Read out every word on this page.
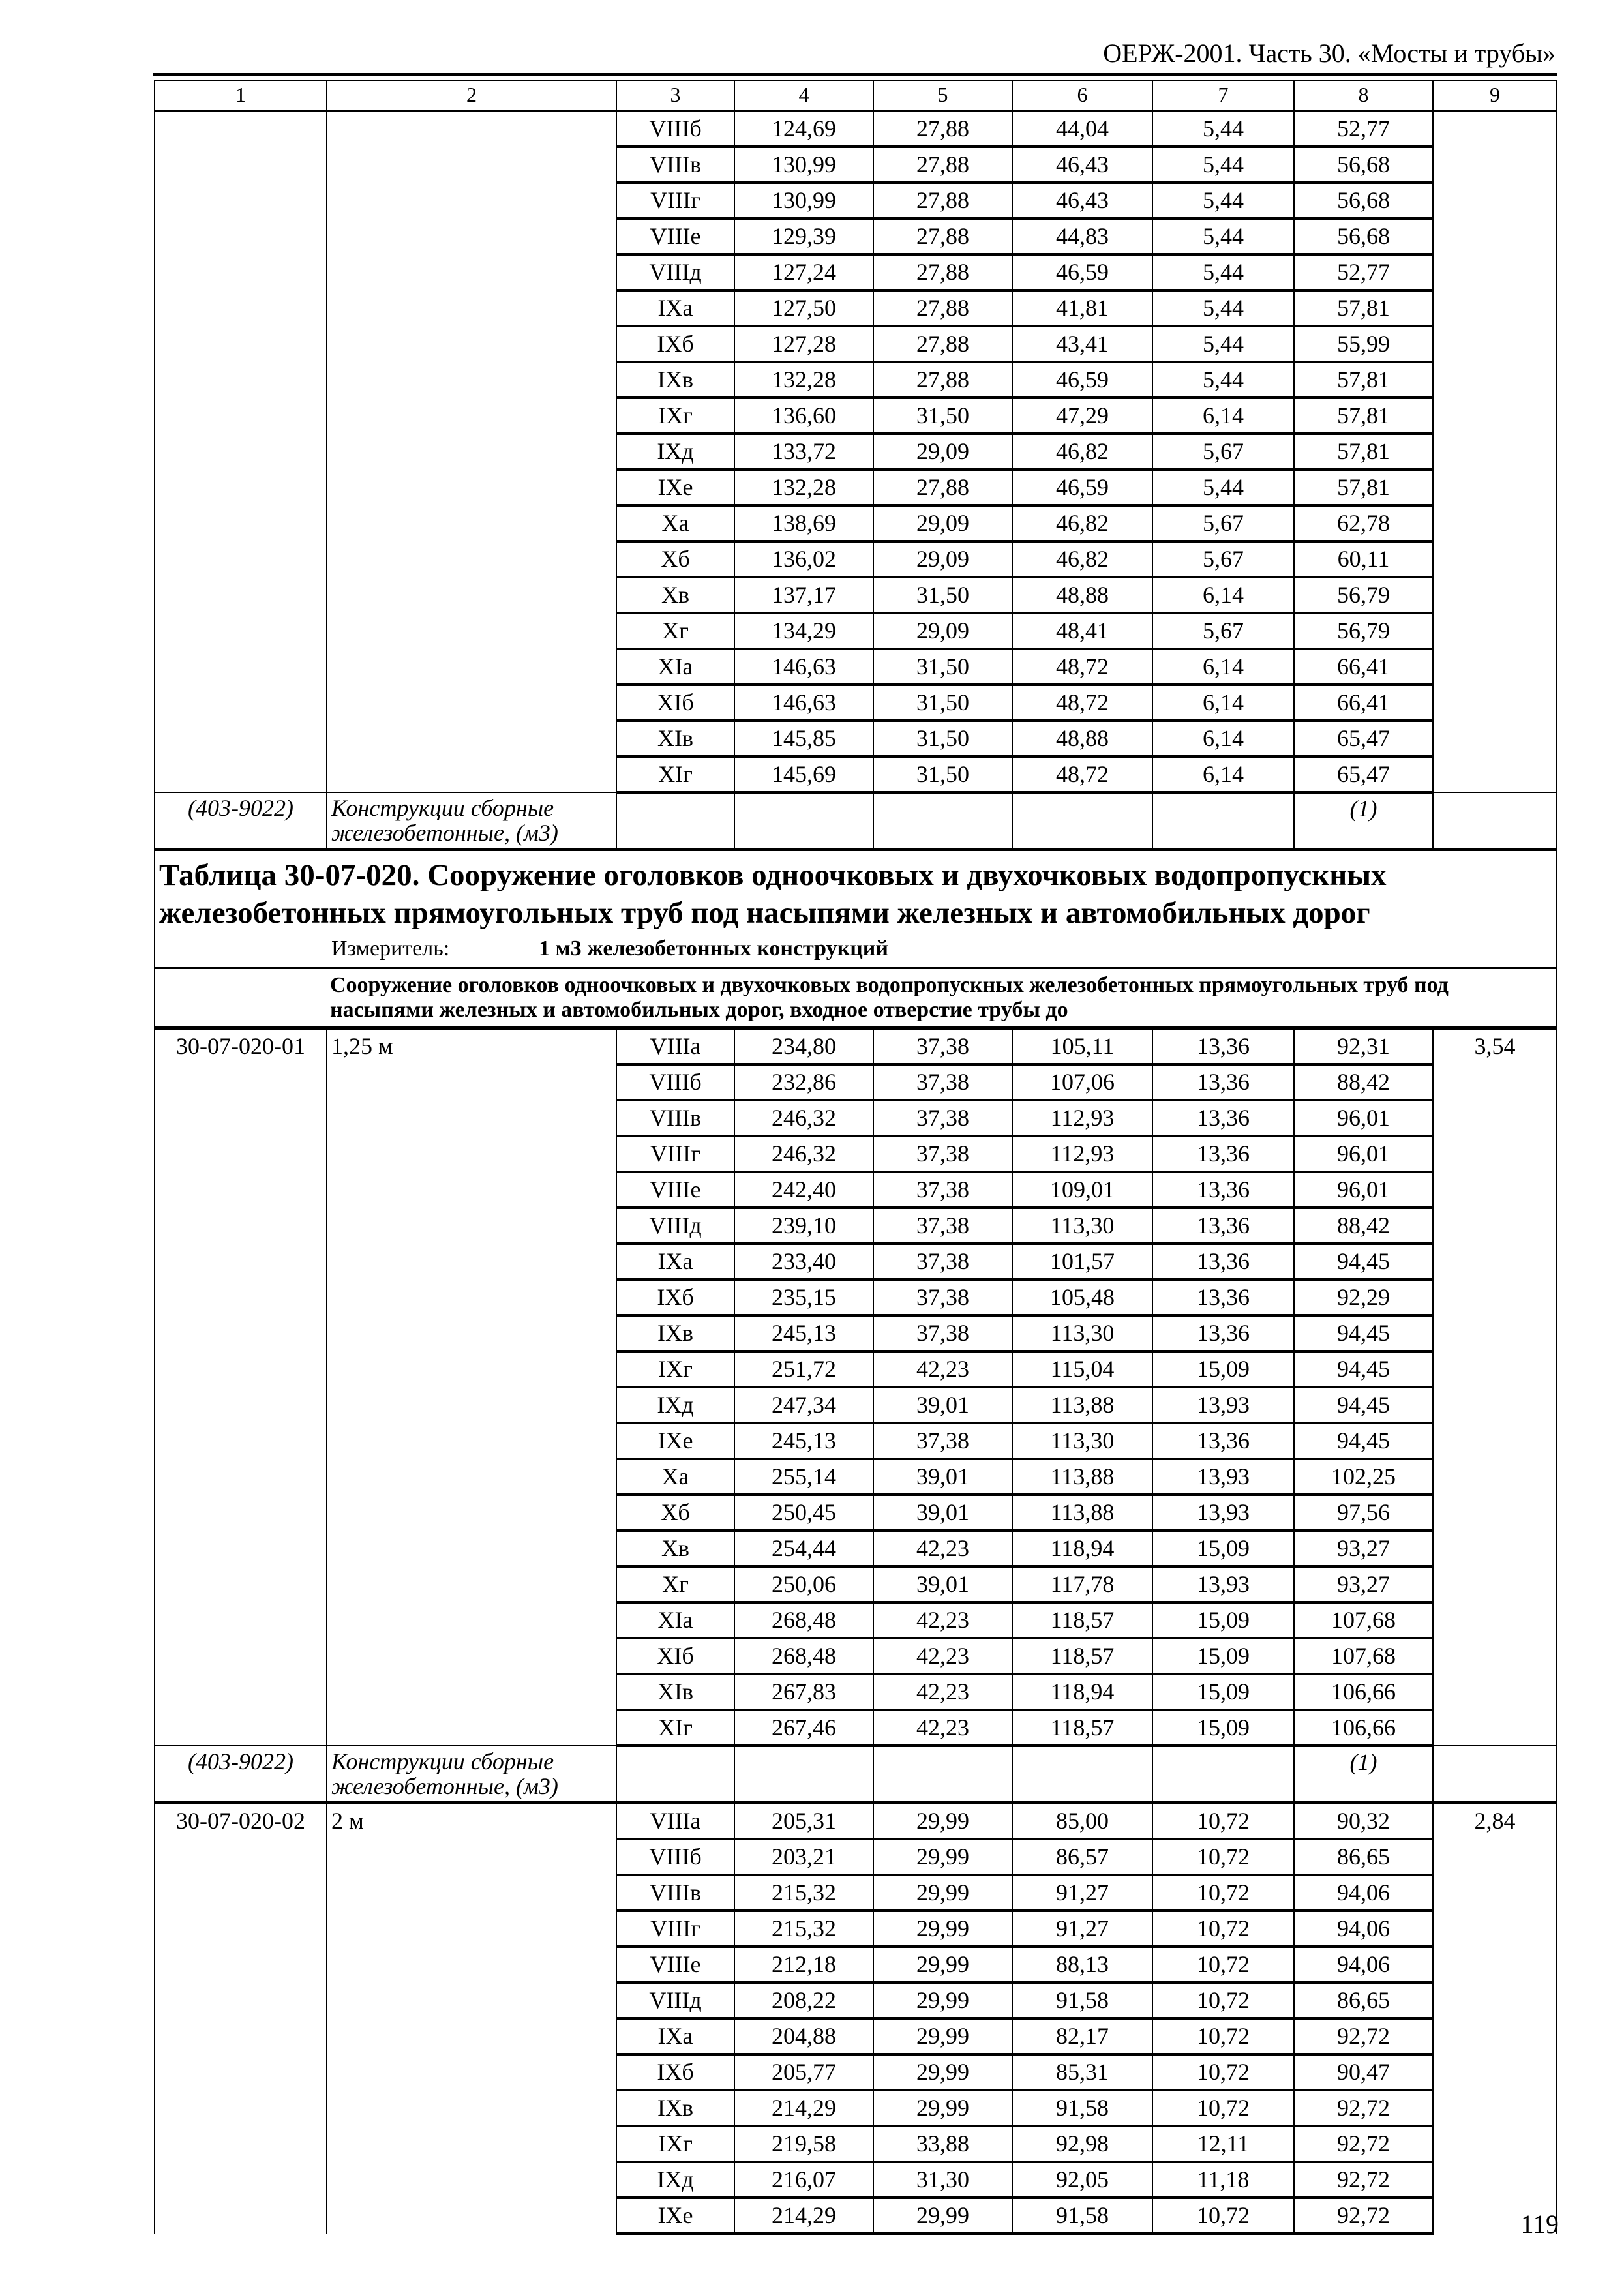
ОЕРЖ-2001. Часть 30. «Мосты и трубы»
1	2	3	4	5	6	7	8	9
		VIIIб	124,69	27,88	44,04	5,44	52,77	
		VIIIв	130,99	27,88	46,43	5,44	56,68	
		VIIIг	130,99	27,88	46,43	5,44	56,68	
		VIIIе	129,39	27,88	44,83	5,44	56,68	
		VIIIд	127,24	27,88	46,59	5,44	52,77	
		IXа	127,50	27,88	41,81	5,44	57,81	
		IXб	127,28	27,88	43,41	5,44	55,99	
		IXв	132,28	27,88	46,59	5,44	57,81	
		IXг	136,60	31,50	47,29	6,14	57,81	
		IXд	133,72	29,09	46,82	5,67	57,81	
		IXе	132,28	27,88	46,59	5,44	57,81	
		Xа	138,69	29,09	46,82	5,67	62,78	
		Xб	136,02	29,09	46,82	5,67	60,11	
		Xв	137,17	31,50	48,88	6,14	56,79	
		Xг	134,29	29,09	48,41	5,67	56,79	
		XIа	146,63	31,50	48,72	6,14	66,41	
		XIб	146,63	31,50	48,72	6,14	66,41	
		XIв	145,85	31,50	48,88	6,14	65,47	
		XIг	145,69	31,50	48,72	6,14	65,47	
(403-9022)	Конструкции сборные железобетонные, (м3)						(1)	

Таблица 30-07-020. Сооружение оголовков одноочковых и двухочковых водопропускных железобетонных прямоугольных труб под насыпями железных и автомобильных дорог
Измеритель: 1 м3 железобетонных конструкций								

Сооружение оголовков одноочковых и двухочковых водопропускных железобетонных прямоугольных труб под насыпями железных и автомобильных дорог, входное отверстие трубы до								
30-07-020-01	1,25 м	VIIIа	234,80	37,38	105,11	13,36	92,31	3,54
		VIIIб	232,86	37,38	107,06	13,36	88,42	
		VIIIв	246,32	37,38	112,93	13,36	96,01	
		VIIIг	246,32	37,38	112,93	13,36	96,01	
		VIIIе	242,40	37,38	109,01	13,36	96,01	
		VIIIд	239,10	37,38	113,30	13,36	88,42	
		IXа	233,40	37,38	101,57	13,36	94,45	
		IXб	235,15	37,38	105,48	13,36	92,29	
		IXв	245,13	37,38	113,30	13,36	94,45	
		IXг	251,72	42,23	115,04	15,09	94,45	
		IXд	247,34	39,01	113,88	13,93	94,45	
		IXе	245,13	37,38	113,30	13,36	94,45	
		Xа	255,14	39,01	113,88	13,93	102,25	
		Xб	250,45	39,01	113,88	13,93	97,56	
		Xв	254,44	42,23	118,94	15,09	93,27	
		Xг	250,06	39,01	117,78	13,93	93,27	
		XIа	268,48	42,23	118,57	15,09	107,68	
		XIб	268,48	42,23	118,57	15,09	107,68	
		XIв	267,83	42,23	118,94	15,09	106,66	
		XIг	267,46	42,23	118,57	15,09	106,66	
(403-9022)	Конструкции сборные железобетонные, (м3)						(1)	
30-07-020-02	2 м	VIIIа	205,31	29,99	85,00	10,72	90,32	2,84
		VIIIб	203,21	29,99	86,57	10,72	86,65	
		VIIIв	215,32	29,99	91,27	10,72	94,06	
		VIIIг	215,32	29,99	91,27	10,72	94,06	
		VIIIе	212,18	29,99	88,13	10,72	94,06	
		VIIIд	208,22	29,99	91,58	10,72	86,65	
		IXа	204,88	29,99	82,17	10,72	92,72	
		IXб	205,77	29,99	85,31	10,72	90,47	
		IXв	214,29	29,99	91,58	10,72	92,72	
		IXг	219,58	33,88	92,98	12,11	92,72	
		IXд	216,07	31,30	92,05	11,18	92,72	
		IXе	214,29	29,99	91,58	10,72	92,72		119
